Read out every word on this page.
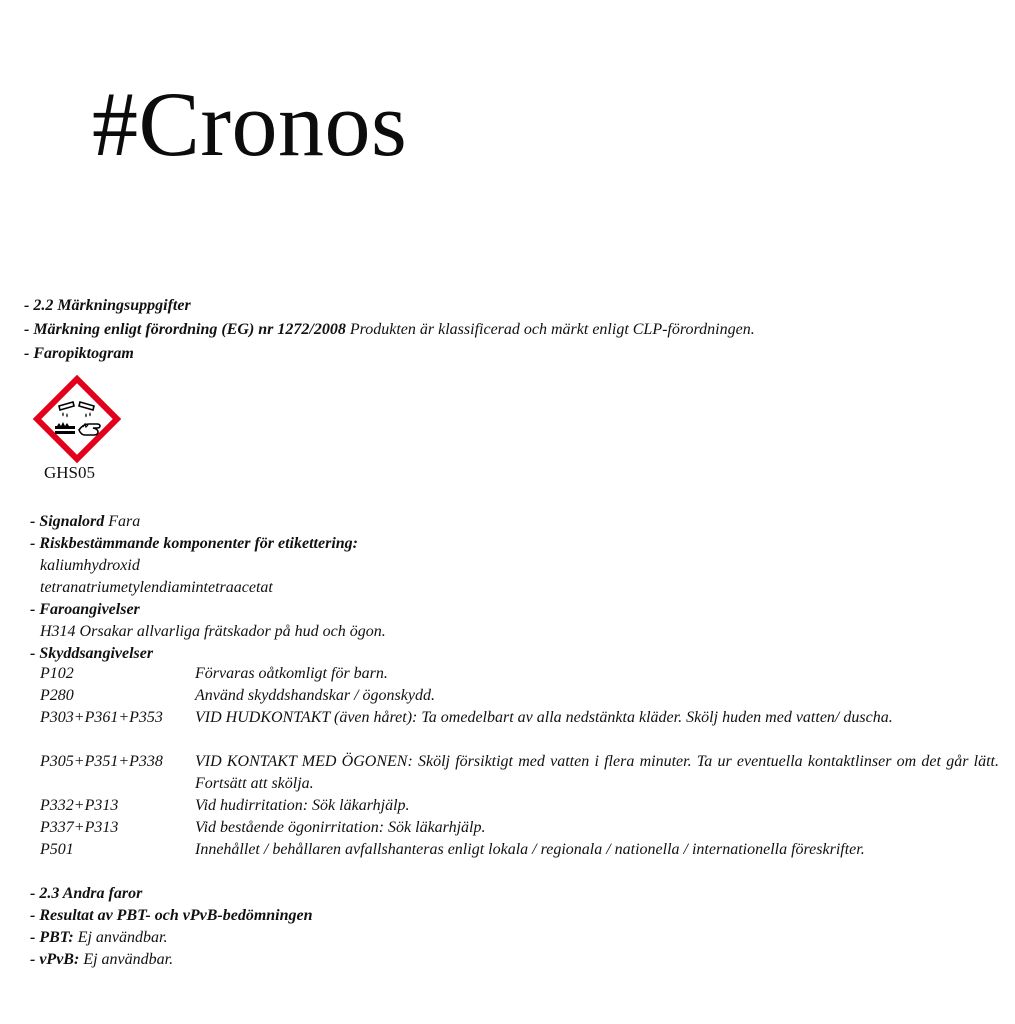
#Cronos
- 2.2 Märkningsuppgifter
- Märkning enligt förordning (EG) nr 1272/2008 Produkten är klassificerad och märkt enligt CLP-förordningen.
- Faropiktogram
GHS05
- Signalord Fara
- Riskbestämmande komponenter för etikettering:
kaliumhydroxid
tetranatriumetylendiamintetraacetat
- Faroangivelser
H314 Orsakar allvarliga frätskador på hud och ögon.
- Skyddsangivelser
P102	Förvaras oåtkomligt för barn.
P280	Använd skyddshandskar / ögonskydd.
P303+P361+P353 VID HUDKONTAKT (även håret): Ta omedelbart av alla nedstänkta kläder. Skölj huden med vatten/ duscha.
P305+P351+P338 VID KONTAKT MED ÖGONEN: Skölj försiktigt med vatten i flera minuter. Ta ur eventuella kontaktlinser om det går lätt. Fortsätt att skölja.
P332+P313	Vid hudirritation: Sök läkarhjälp.
P337+P313	Vid bestående ögonirritation: Sök läkarhjälp.
P501	Innehållet / behållaren avfallshanteras enligt lokala / regionala / nationella / internationella föreskrifter.
- 2.3 Andra faror
- Resultat av PBT- och vPvB-bedömningen
- PBT: Ej användbar.
- vPvB: Ej användbar.
